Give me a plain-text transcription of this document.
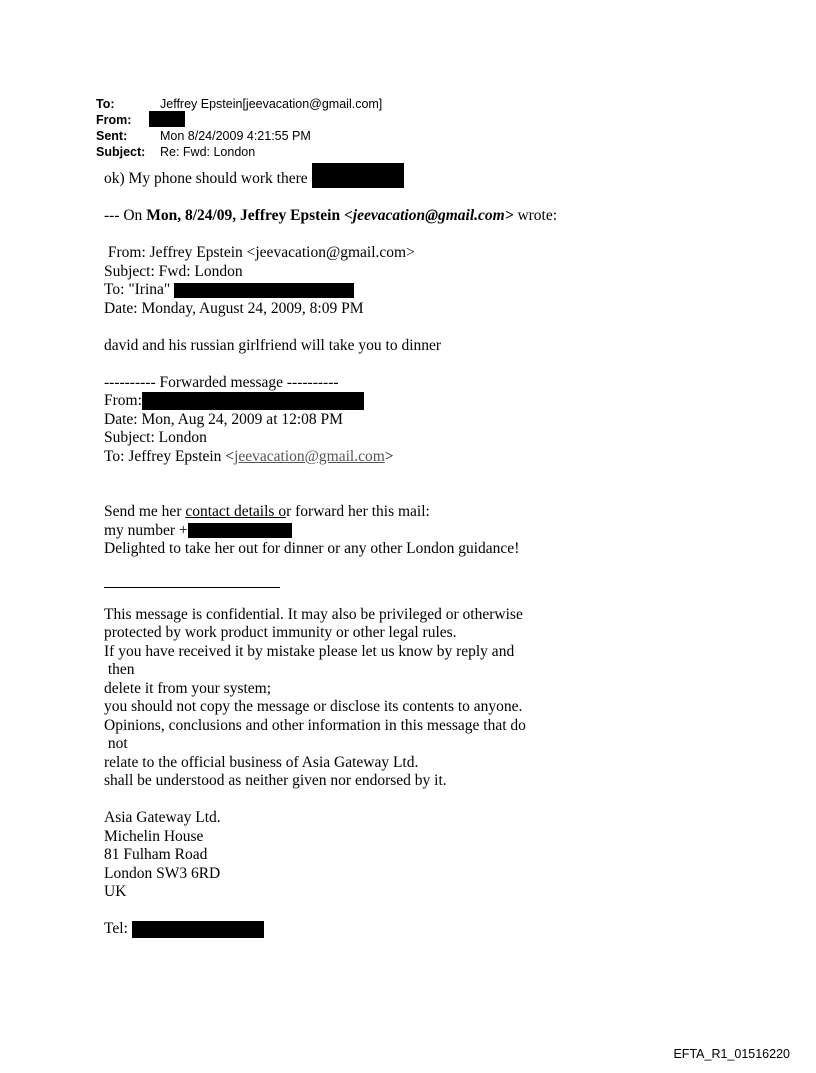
To:	Jeffrey Epstein[jeevacation@gmail.com]
From:
Sent:	Mon 8/24/2009 4:21:55 PM
Subject: Re: Fwd: London
ok) My phone should work there
--- On Mon, 8/24/09, Jeffrey Epstein <jeevacation@gmail.com> wrote:
From: Jeffrey Epstein <jeevacation@gmail.com>
Subject: Fwd: London
To: "Irina"
Date: Monday, August 24, 2009, 8:09 PM
david and his russian girlfriend will take you to dinner
---------- Forwarded message ----------
From:
Date: Mon, Aug 24, 2009 at 12:08 PM
Subject: London
To: Jeffrey Epstein <jeevacation@gmail.com>
Send me her contact details or forward her this mail:
my number +
Delighted to take her out for dinner or any other London guidance!
This message is confidential. It may also be privileged or otherwise
protected by work product immunity or other legal rules.
If you have received it by mistake please let us know by reply and
then
delete it from your system;
you should not copy the message or disclose its contents to anyone.
Opinions, conclusions and other information in this message that do
not
relate to the official business of Asia Gateway Ltd.
shall be understood as neither given nor endorsed by it.
Asia Gateway Ltd.
Michelin House
81 Fulham Road
London SW3 6RD
UK
Tel:
EFTA_R1_01516220
